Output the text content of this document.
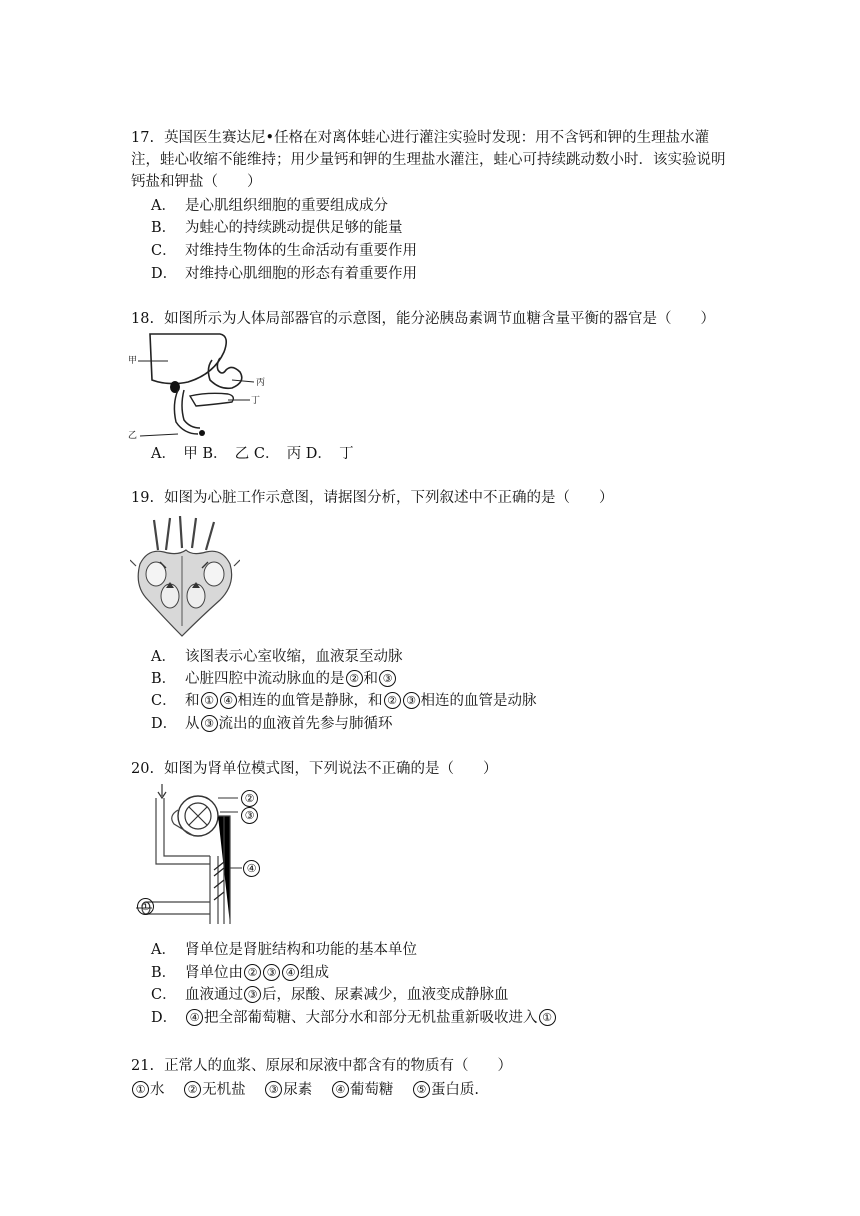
17. 英国医生赛达尼•任格在对离体蛙心进行灌注实验时发现：用不含钙和钾的生理盐水灌注，蛙心收缩不能维持；用少量钙和钾的生理盐水灌注，蛙心可持续跳动数小时．该实验说明钙盐和钾盐（　　）
A． 是心肌组织细胞的重要组成成分
B． 为蛙心的持续跳动提供足够的能量
C． 对维持生物体的生命活动有重要作用
D． 对维持心肌细胞的形态有着重要作用
18. 如图所示为人体局部器官的示意图，能分泌胰岛素调节血糖含量平衡的器官是（　　）
甲
丙
丁
乙
A．　甲 B．　乙 C．　丙 D．　丁
19. 如图为心脏工作示意图，请据图分析，下列叙述中不正确的是（　　）
A． 该图表示心室收缩，血液泵至动脉
B． 心脏四腔中流动脉血的是 ② 和 ③
C． 和 ① ④ 相连的血管是静脉，和 ② ③ 相连的血管是动脉
D． 从 ③ 流出的血液首先参与肺循环
20. 如图为肾单位模式图，下列说法不正确的是（　　）
②
③
④
①
A． 肾单位是肾脏结构和功能的基本单位
B． 肾单位由 ② ③ ④ 组成
C． 血液通过 ③ 后，尿酸、尿素减少，血液变成静脉血
D． ④ 把全部葡萄糖、大部分水和部分无机盐重新吸收进入 ①
21. 正常人的血浆、原尿和尿液中都含有的物质有（　　）
① 水 ② 无机盐 ③ 尿素 ④ 葡萄糖 ⑤ 蛋白质.
